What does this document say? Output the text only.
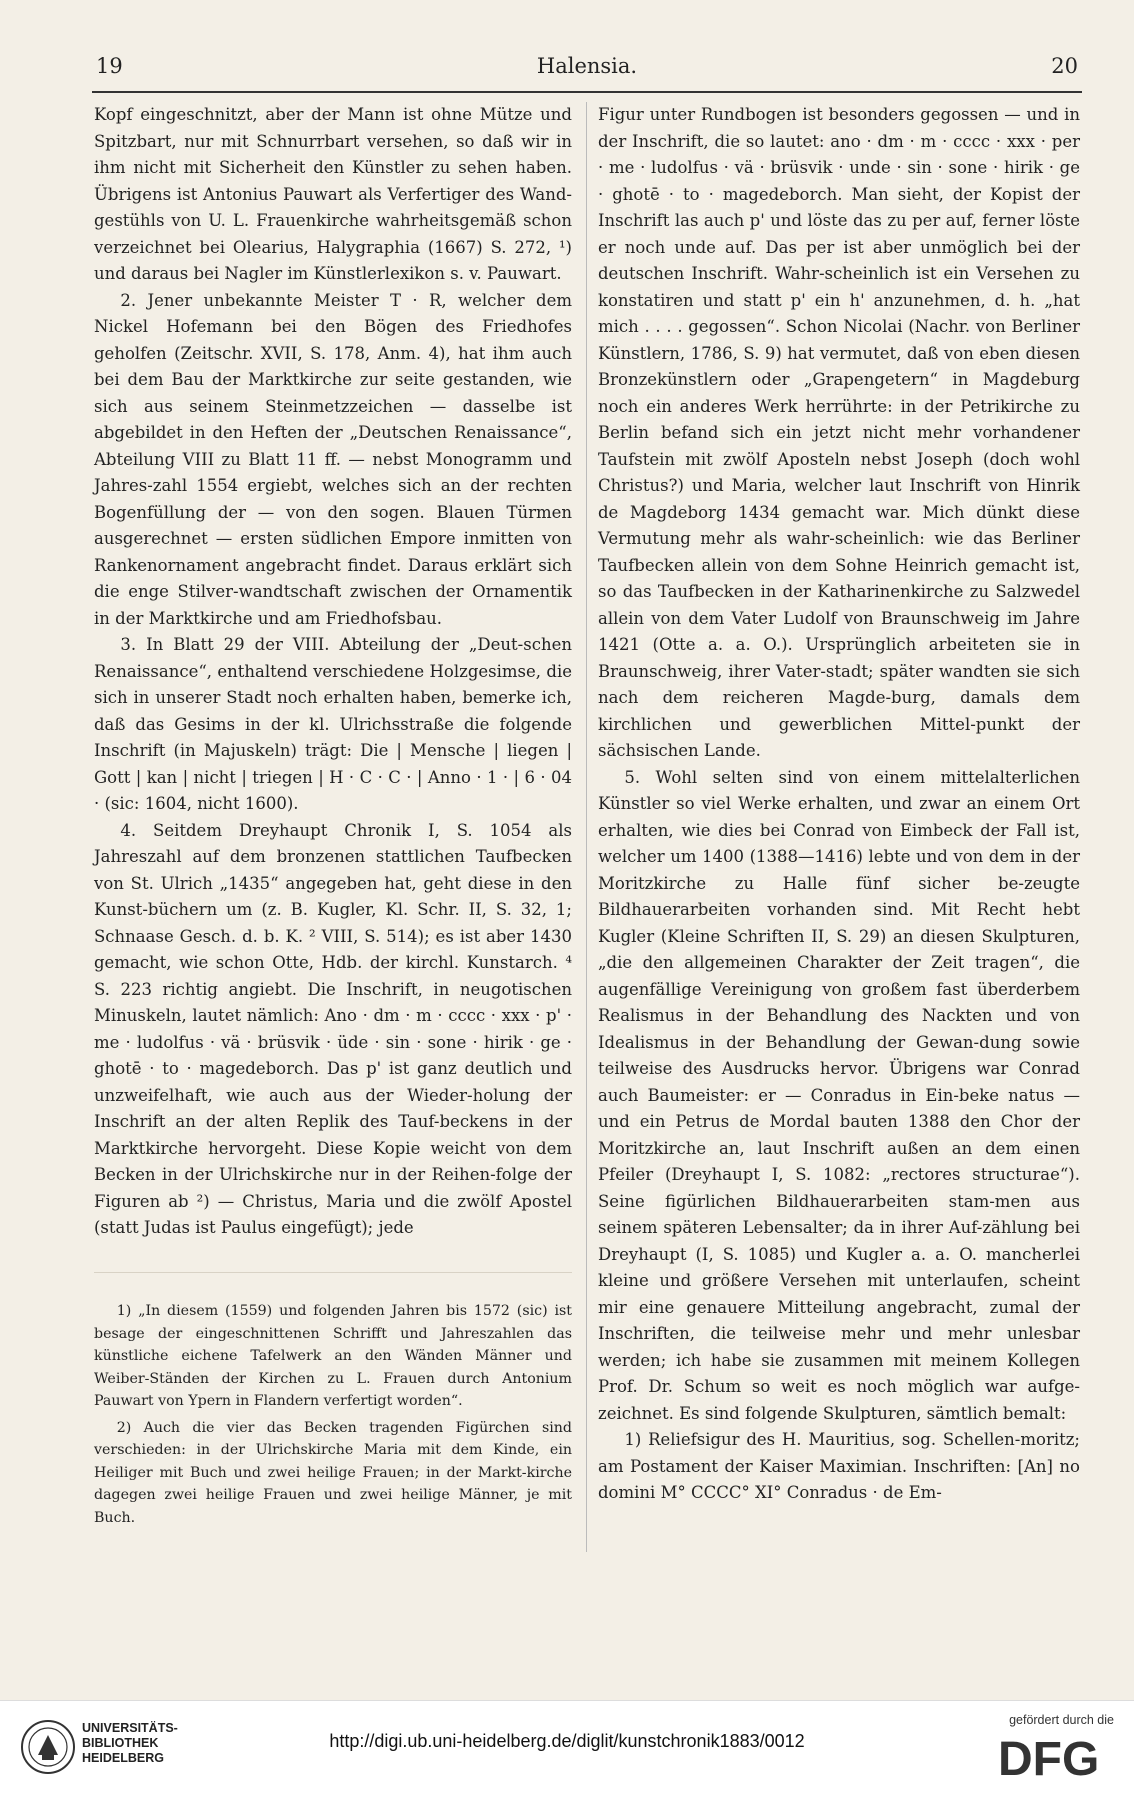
19	Halensia.	20

Kopf eingeschnitzt, aber der Mann ist ohne Mütze und Spitzbart, nur mit Schnurrbart versehen, so daß wir in ihm nicht mit Sicherheit den Künstler zu sehen haben. Übrigens ist Antonius Pauwart als Verfertiger des Wand-gestühls von U. L. Frauenkirche wahrheitsgemäß schon verzeichnet bei Olearius, Halygraphia (1667) S. 272, ¹) und daraus bei Nagler im Künstlerlexikon s. v. Pauwart.

2. Jener unbekannte Meister T · R, welcher dem Nickel Hofemann bei den Bögen des Friedhofes geholfen (Zeitschr. XVII, S. 178, Anm. 4), hat ihm auch bei dem Bau der Marktkirche zur seite gestanden, wie sich aus seinem Steinmetzzeichen — dasselbe ist abgebildet in den Heften der „Deutschen Renaissance“, Abteilung VIII zu Blatt 11 ff. — nebst Monogramm und Jahres-zahl 1554 ergiebt, welches sich an der rechten Bogenfüllung der — von den sogen. Blauen Türmen ausgerechnet — ersten südlichen Empore inmitten von Rankenornament angebracht findet. Daraus erklärt sich die enge Stilver-wandtschaft zwischen der Ornamentik in der Marktkirche und am Friedhofsbau.

3. In Blatt 29 der VIII. Abteilung der „Deut-schen Renaissance“, enthaltend verschiedene Holzgesimse, die sich in unserer Stadt noch erhalten haben, bemerke ich, daß das Gesims in der kl. Ulrichsstraße die folgende Inschrift (in Majuskeln) trägt: Die | Mensche | liegen | Gott | kan | nicht | triegen | H · C · C · | Anno · 1 · | 6 · 04 · (sic: 1604, nicht 1600).

4. Seitdem Dreyhaupt Chronik I, S. 1054 als Jahreszahl auf dem bronzenen stattlichen Taufbecken von St. Ulrich „1435“ angegeben hat, geht diese in den Kunst-büchern um (z. B. Kugler, Kl. Schr. II, S. 32, 1; Schnaase Gesch. d. b. K. ² VIII, S. 514); es ist aber 1430 gemacht, wie schon Otte, Hdb. der kirchl. Kunstarch. ⁴ S. 223 richtig angiebt. Die Inschrift, in neugotischen Minuskeln, lautet nämlich: Ano · dm · m · cccc · xxx · p' · me · ludolfus · vä · brüsvik · üde · sin · sone · hirik · ge · ghotē · to · magedeborch. Das p' ist ganz deutlich und unzweifelhaft, wie auch aus der Wieder-holung der Inschrift an der alten Replik des Tauf-beckens in der Marktkirche hervorgeht. Diese Kopie weicht von dem Becken in der Ulrichskirche nur in der Reihen-folge der Figuren ab ²) — Christus, Maria und die zwölf Apostel (statt Judas ist Paulus eingefügt); jede

1) „In diesem (1559) und folgenden Jahren bis 1572 (sic) ist besage der eingeschnittenen Schrifft und Jahreszahlen das künstliche eichene Tafelwerk an den Wänden Männer und Weiber-Ständen der Kirchen zu L. Frauen durch Antonium Pauwart von Ypern in Flandern verfertigt worden“.

2) Auch die vier das Becken tragenden Figürchen sind verschieden: in der Ulrichskirche Maria mit dem Kinde, ein Heiliger mit Buch und zwei heilige Frauen; in der Markt-kirche dagegen zwei heilige Frauen und zwei heilige Männer, je mit Buch.

Figur unter Rundbogen ist besonders gegossen — und in der Inschrift, die so lautet: ano · dm · m · cccc · xxx · per · me · ludolfus · vä · brüsvik · unde · sin · sone · hirik · ge · ghotē · to · magedeborch. Man sieht, der Kopist der Inschrift las auch p' und löste das zu per auf, ferner löste er noch unde auf. Das per ist aber unmöglich bei der deutschen Inschrift. Wahr-scheinlich ist ein Versehen zu konstatiren und statt p' ein h' anzunehmen, d. h. „hat mich . . . . gegossen“. Schon Nicolai (Nachr. von Berliner Künstlern, 1786, S. 9) hat vermutet, daß von eben diesen Bronzekünstlern oder „Grapengetern“ in Magdeburg noch ein anderes Werk herrührte: in der Petrikirche zu Berlin befand sich ein jetzt nicht mehr vorhandener Taufstein mit zwölf Aposteln nebst Joseph (doch wohl Christus?) und Maria, welcher laut Inschrift von Hinrik de Magdeborg 1434 gemacht war. Mich dünkt diese Vermutung mehr als wahr-scheinlich: wie das Berliner Taufbecken allein von dem Sohne Heinrich gemacht ist, so das Taufbecken in der Katharinenkirche zu Salzwedel allein von dem Vater Ludolf von Braunschweig im Jahre 1421 (Otte a. a. O.). Ursprünglich arbeiteten sie in Braunschweig, ihrer Vater-stadt; später wandten sie sich nach dem reicheren Magde-burg, damals dem kirchlichen und gewerblichen Mittel-punkt der sächsischen Lande.

5. Wohl selten sind von einem mittelalterlichen Künstler so viel Werke erhalten, und zwar an einem Ort erhalten, wie dies bei Conrad von Eimbeck der Fall ist, welcher um 1400 (1388—1416) lebte und von dem in der Moritzkirche zu Halle fünf sicher be-zeugte Bildhauerarbeiten vorhanden sind. Mit Recht hebt Kugler (Kleine Schriften II, S. 29) an diesen Skulpturen, „die den allgemeinen Charakter der Zeit tragen“, die augenfällige Vereinigung von großem fast überderbem Realismus in der Behandlung des Nackten und von Idealismus in der Behandlung der Gewan-dung sowie teilweise des Ausdrucks hervor. Übrigens war Conrad auch Baumeister: er — Conradus in Ein-beke natus — und ein Petrus de Mordal bauten 1388 den Chor der Moritzkirche an, laut Inschrift außen an dem einen Pfeiler (Dreyhaupt I, S. 1082: „rectores structurae“). Seine figürlichen Bildhauerarbeiten stam-men aus seinem späteren Lebensalter; da in ihrer Auf-zählung bei Dreyhaupt (I, S. 1085) und Kugler a. a. O. mancherlei kleine und größere Versehen mit unterlaufen, scheint mir eine genauere Mitteilung angebracht, zumal der Inschriften, die teilweise mehr und mehr unlesbar werden; ich habe sie zusammen mit meinem Kollegen Prof. Dr. Schum so weit es noch möglich war aufge-zeichnet. Es sind folgende Skulpturen, sämtlich bemalt:

1) Reliefsigur des H. Mauritius, sog. Schellen-moritz; am Postament der Kaiser Maximian. Inschriften: [An] no domini M° CCCC° XI° Conradus · de Em-

UNIVERSITÄTS-
BIBLIOTHEK
HEIDELBERG
http://digi.ub.uni-heidelberg.de/diglit/kunstchronik1883/0012
gefördert durch die
DFG
